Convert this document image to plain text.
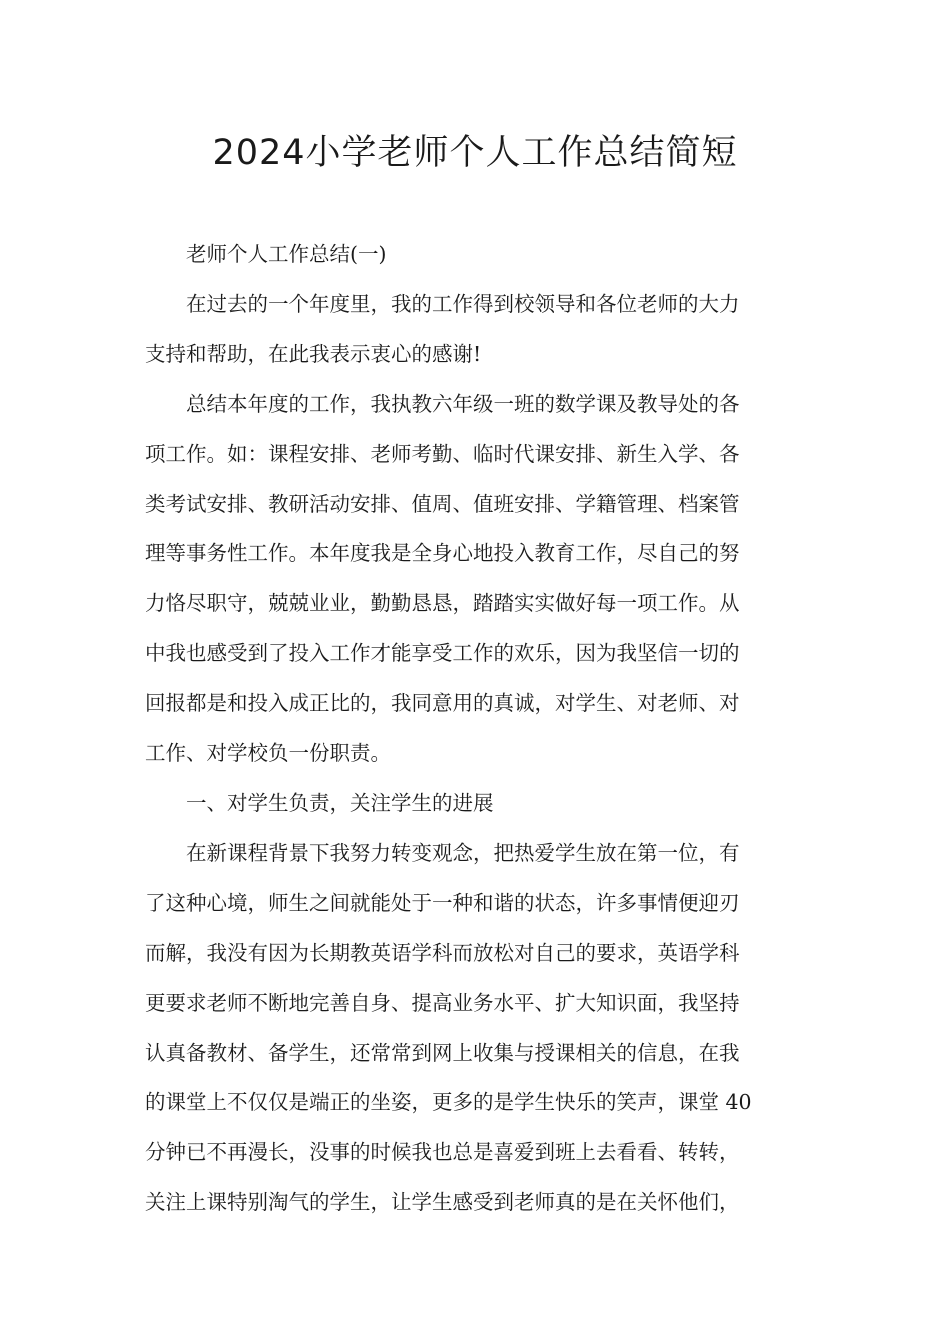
2024小学老师个人工作总结简短

老师个人工作总结(一)

在过去的一个年度里，我的工作得到校领导和各位老师的大力
支持和帮助，在此我表示衷心的感谢!

总结本年度的工作，我执教六年级一班的数学课及教导处的各
项工作。如：课程安排、老师考勤、临时代课安排、新生入学、各
类考试安排、教研活动安排、值周、值班安排、学籍管理、档案管
理等事务性工作。本年度我是全身心地投入教育工作，尽自己的努
力恪尽职守，兢兢业业，勤勤恳恳，踏踏实实做好每一项工作。从
中我也感受到了投入工作才能享受工作的欢乐，因为我坚信一切的
回报都是和投入成正比的，我同意用的真诚，对学生、对老师、对
工作、对学校负一份职责。

一、对学生负责，关注学生的进展

在新课程背景下我努力转变观念，把热爱学生放在第一位，有
了这种心境，师生之间就能处于一种和谐的状态，许多事情便迎刃
而解，我没有因为长期教英语学科而放松对自己的要求，英语学科
更要求老师不断地完善自身、提高业务水平、扩大知识面，我坚持
认真备教材、备学生，还常常到网上收集与授课相关的信息，在我
的课堂上不仅仅是端正的坐姿，更多的是学生快乐的笑声，课堂 40
分钟已不再漫长，没事的时候我也总是喜爱到班上去看看、转转，
关注上课特别淘气的学生，让学生感受到老师真的是在关怀他们，
